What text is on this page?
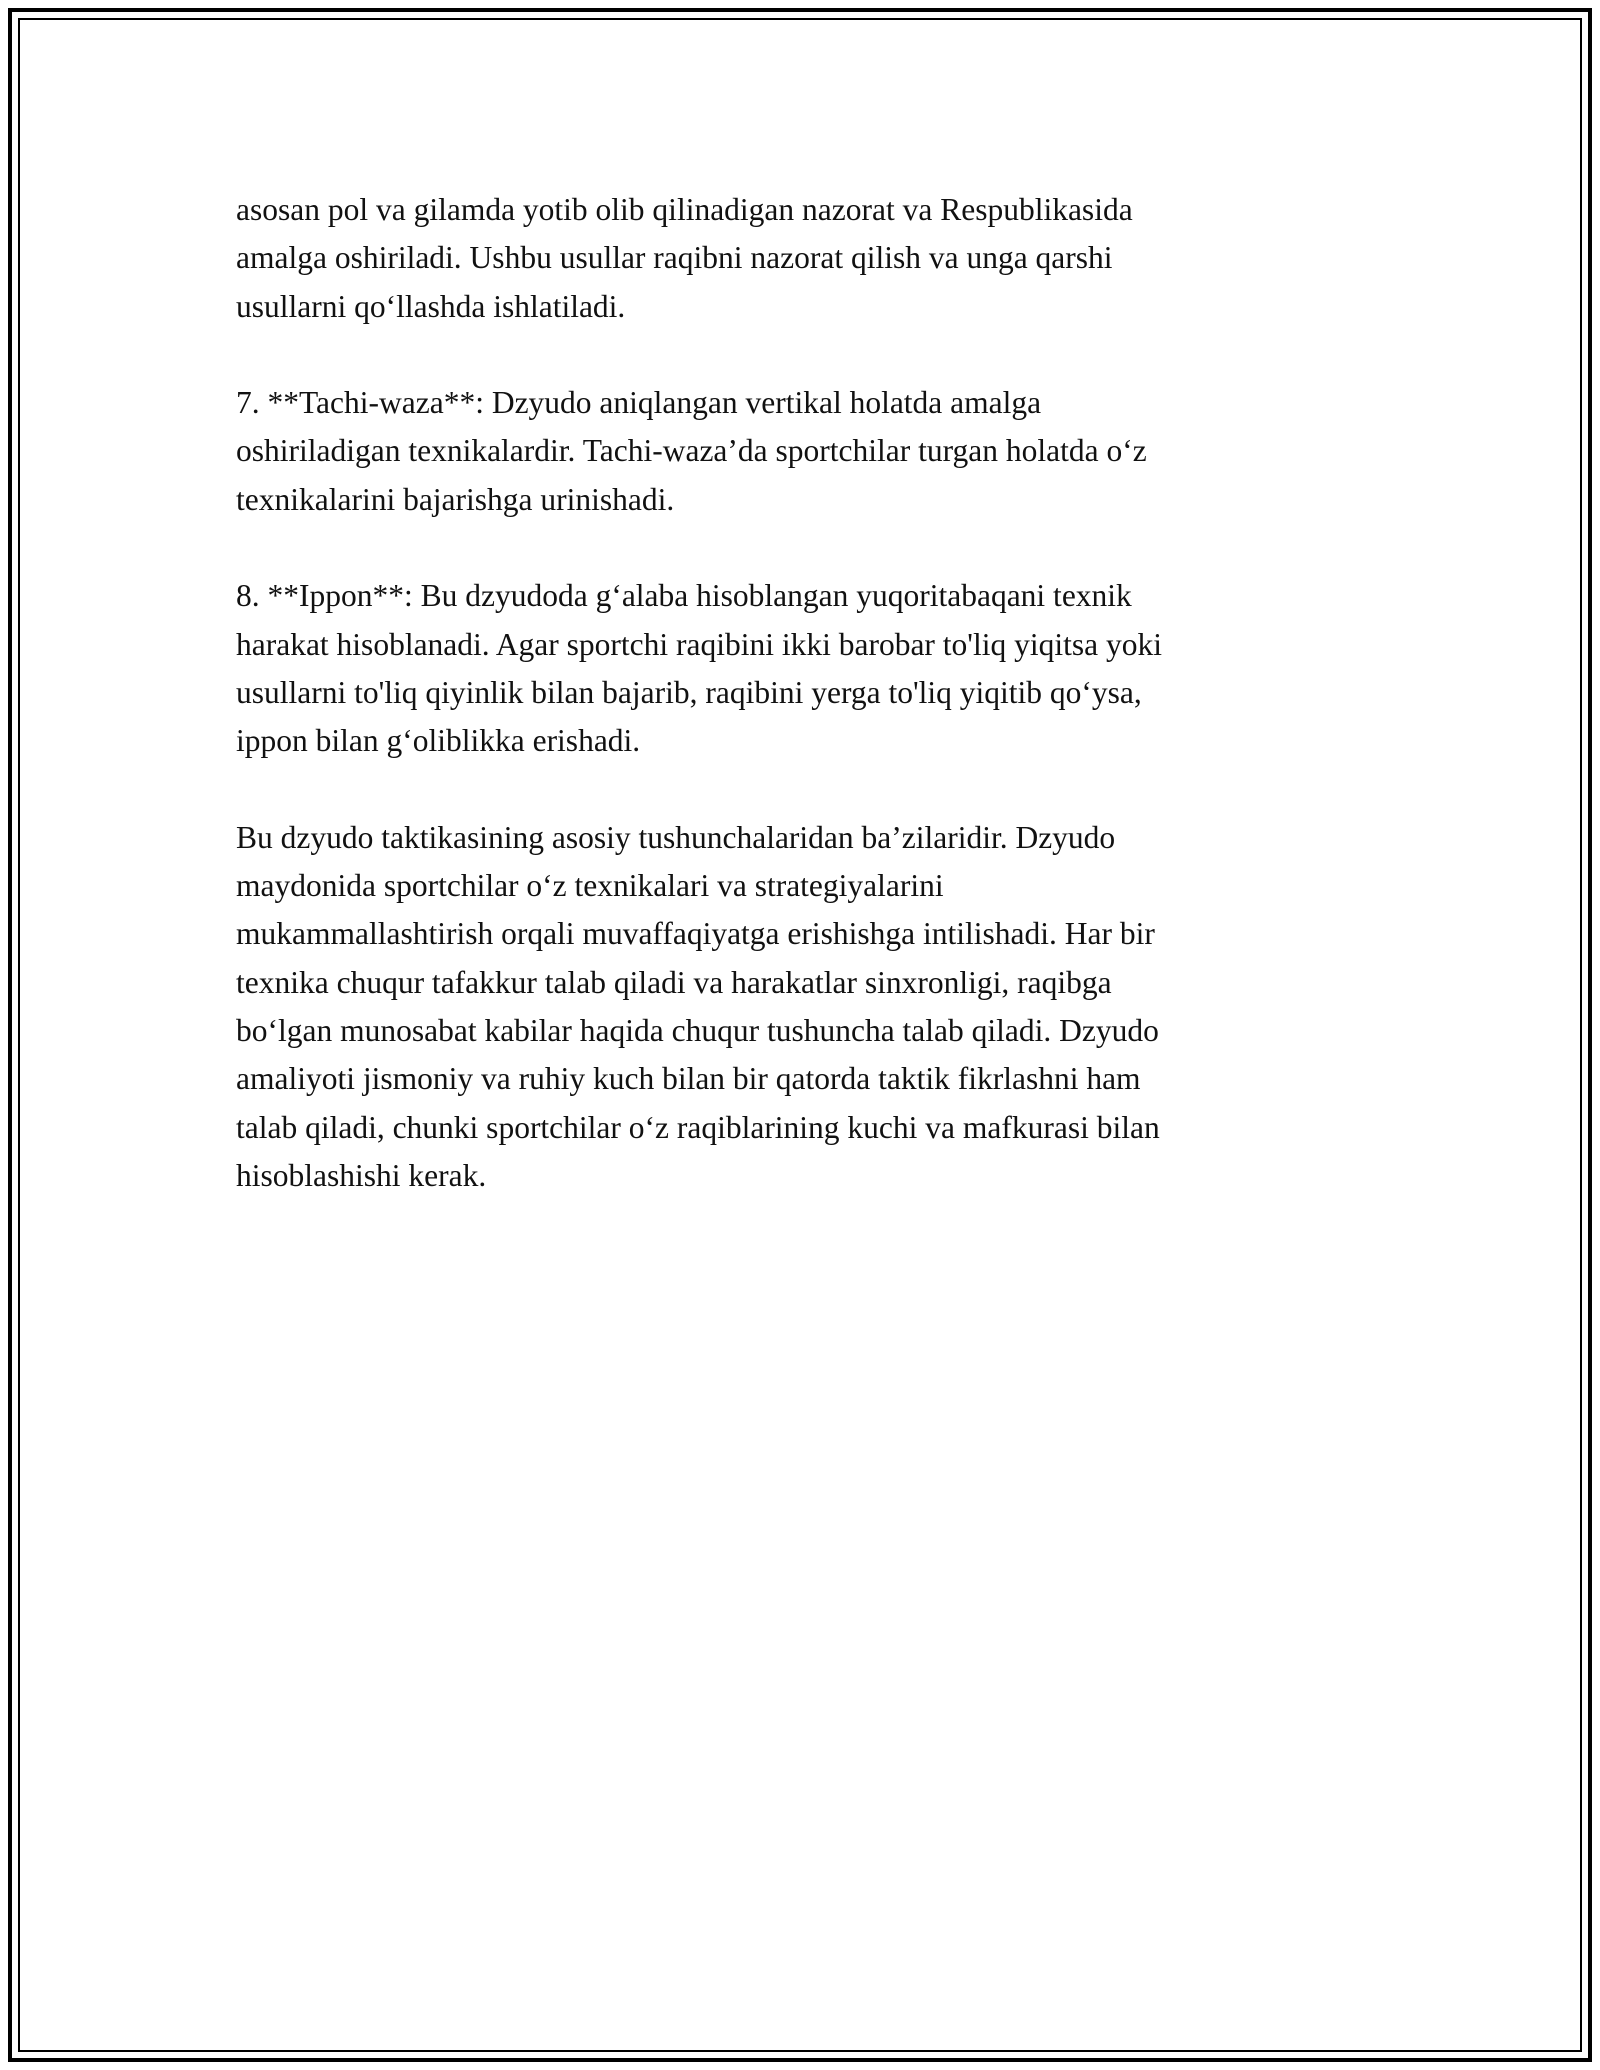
asosan pol va gilamda yotib olib qilinadigan nazorat va Respublikasida
amalga oshiriladi. Ushbu usullar raqibni nazorat qilish va unga qarshi
usullarni qo‘llashda ishlatiladi.

7. **Tachi-waza**: Dzyudo aniqlangan vertikal holatda amalga
oshiriladigan texnikalardir. Tachi-waza’da sportchilar turgan holatda o‘z
texnikalarini bajarishga urinishadi.

8. **Ippon**: Bu dzyudoda g‘alaba hisoblangan yuqoritabaqani texnik
harakat hisoblanadi. Agar sportchi raqibini ikki barobar to'liq yiqitsa yoki
usullarni to'liq qiyinlik bilan bajarib, raqibini yerga to'liq yiqitib qo‘ysa,
ippon bilan g‘oliblikka erishadi.

Bu dzyudo taktikasining asosiy tushunchalaridan ba’zilaridir. Dzyudo
maydonida sportchilar o‘z texnikalari va strategiyalarini
mukammallashtirish orqali muvaffaqiyatga erishishga intilishadi. Har bir
texnika chuqur tafakkur talab qiladi va harakatlar sinxronligi, raqibga
bo‘lgan munosabat kabilar haqida chuqur tushuncha talab qiladi. Dzyudo
amaliyoti jismoniy va ruhiy kuch bilan bir qatorda taktik fikrlashni ham
talab qiladi, chunki sportchilar o‘z raqiblarining kuchi va mafkurasi bilan
hisoblashishi kerak.
